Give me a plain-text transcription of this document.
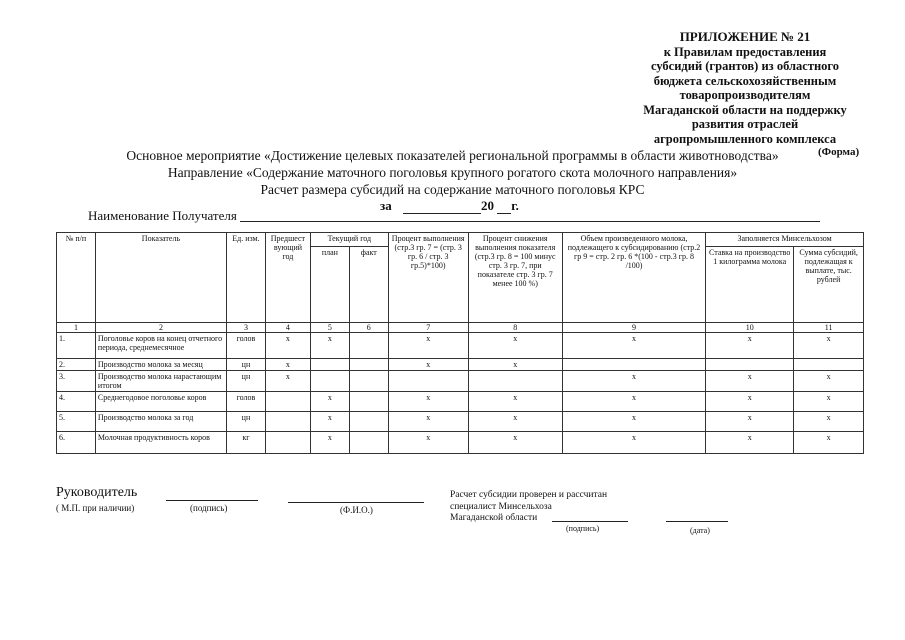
ПРИЛОЖЕНИЕ № 21
к Правилам предоставления
субсидий (грантов) из областного
бюджета сельскохозяйственным
товаропроизводителям
Магаданской области на поддержку
развития отраслей
агропромышленного комплекса
(Форма)
Основное мероприятие «Достижение целевых показателей региональной программы в области животноводства»
Направление «Содержание маточного поголовья крупного рогатого скота молочного направления»
Расчет размера субсидий на содержание маточного поголовья КРС
за	20 г.
Наименование Получателя
№ п/п	Показатель	Ед. изм.	Предшест вующий год	Текущий год		Процент выполнения (стр.3 гр. 7 = (стр. 3 гр. 6 / стр. 3 гр.5)*100)	Процент снижения выполнения показателя (стр.3 гр. 8 = 100 минус стр. 3 гр. 7, при показателе стр. 3 гр. 7 менее 100 %)	Объем произведенного молока, подлежащего к субсидированию (стр.2 гр 9 = стр. 2 гр. 6 *(100 - стр.3 гр. 8 /100)	Заполняется Минсельхозом	
				план	факт				Ставка на производство 1 килограмма молока	Сумма субсидий, подлежащая к выплате, тыс. рублей
1	2	3	4	5	6	7	8	9	10	11
1.	Поголовье коров на конец отчетного периода, среднемесячное	голов	х	х		х	х	х	х	х
2.	Производство молока за месяц	цн	х			х	х			
3.	Производство молока нарастающим итогом	цн	х					х	х	х
4.	Среднегодовое поголовье коров	голов		х		х	х	х	х	х
5.	Производство молока за год	цн		х		х	х	х	х	х
6.	Молочная продуктивность коров	кг		х		х	х	х	х	х
Руководитель
( М.П. при наличии)	(подпись)	(Ф.И.О.)
Расчет субсидии проверен и рассчитан
специалист Минсельхоза
Магаданской области
(подпись)	(дата)
